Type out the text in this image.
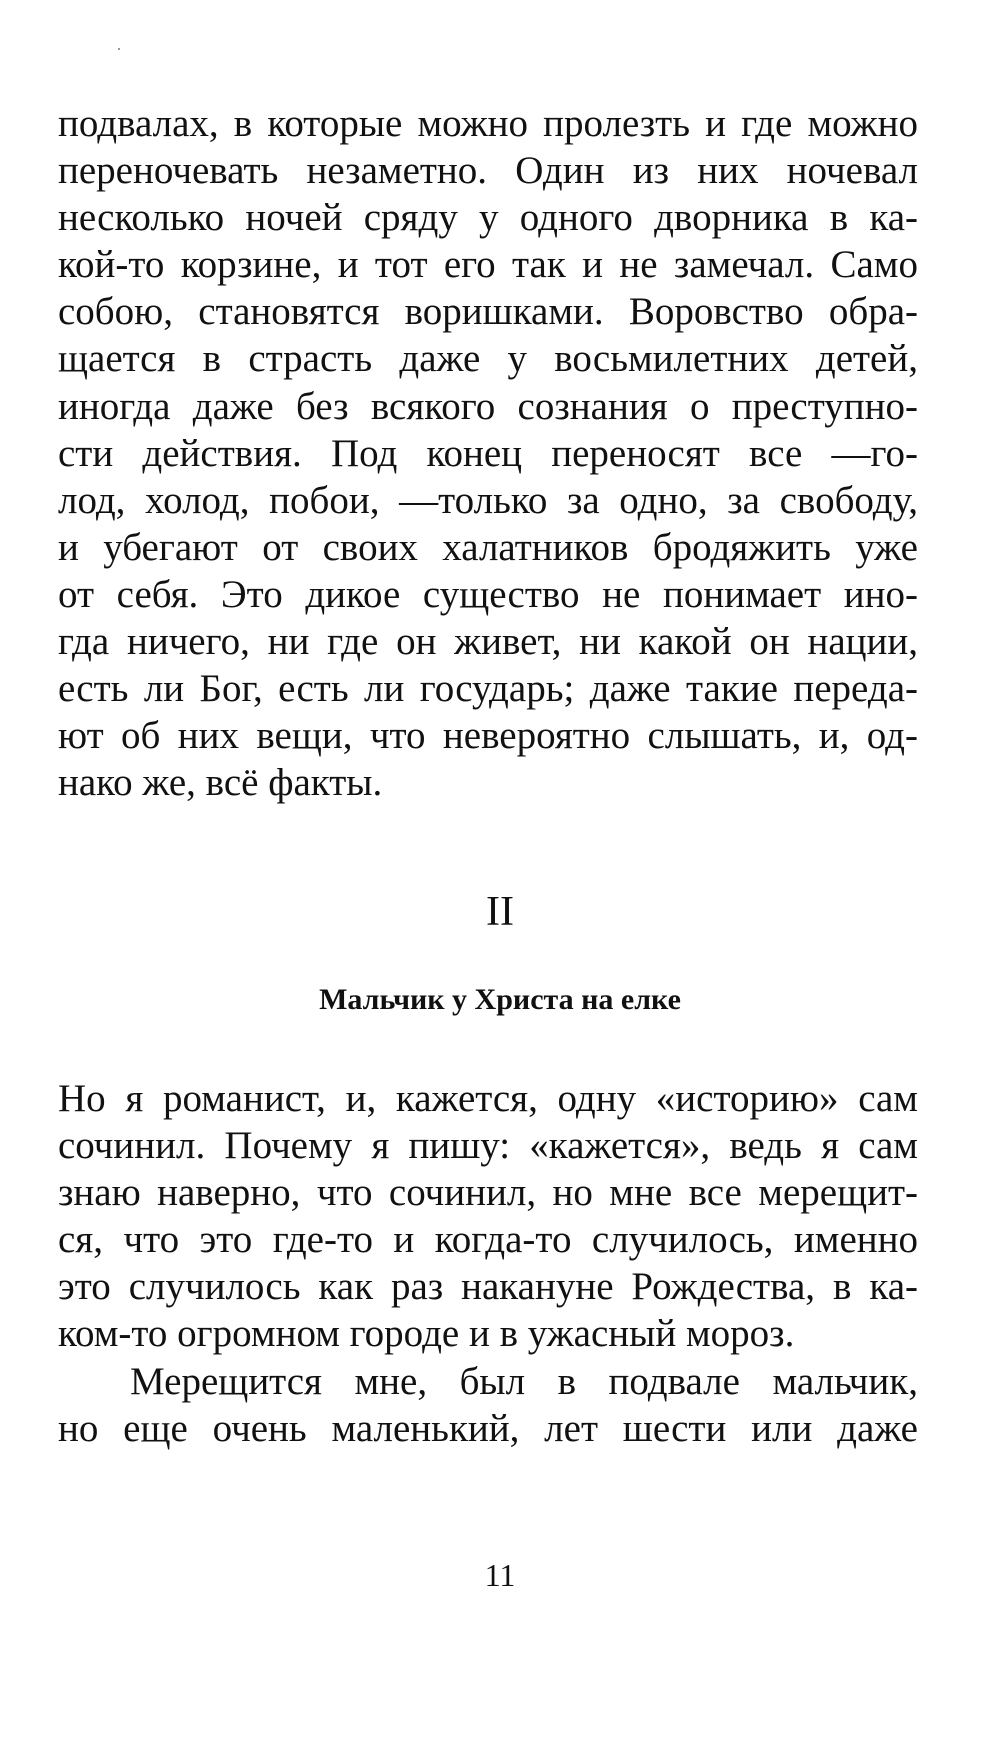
подвалах, в которые можно пролезть и где можно
переночевать незаметно. Один из них ночевал
несколько ночей сряду у одного дворника в ка-
кой-то корзине, и тот его так и не замечал. Само
собою, становятся воришками. Воровство обра-
щается в страсть даже у восьмилетних детей,
иногда даже без всякого сознания о преступно-
сти действия. Под конец переносят все —го-
лод, холод, побои, —только за одно, за свободу,
и убегают от своих халатников бродяжить уже
от себя. Это дикое существо не понимает ино-
гда ничего, ни где он живет, ни какой он нации,
есть ли Бог, есть ли государь; даже такие переда-
ют об них вещи, что невероятно слышать, и, од-
нако же, всё факты.
II
Мальчик у Христа на елке
Но я романист, и, кажется, одну «историю» сам
сочинил. Почему я пишу: «кажется», ведь я сам
знаю наверно, что сочинил, но мне все мерещит-
ся, что это где-то и когда-то случилось, именно
это случилось как раз накануне Рождества, в ка-
ком-то огромном городе и в ужасный мороз.
Мерещится мне, был в подвале мальчик,
но еще очень маленький, лет шести или даже
11
